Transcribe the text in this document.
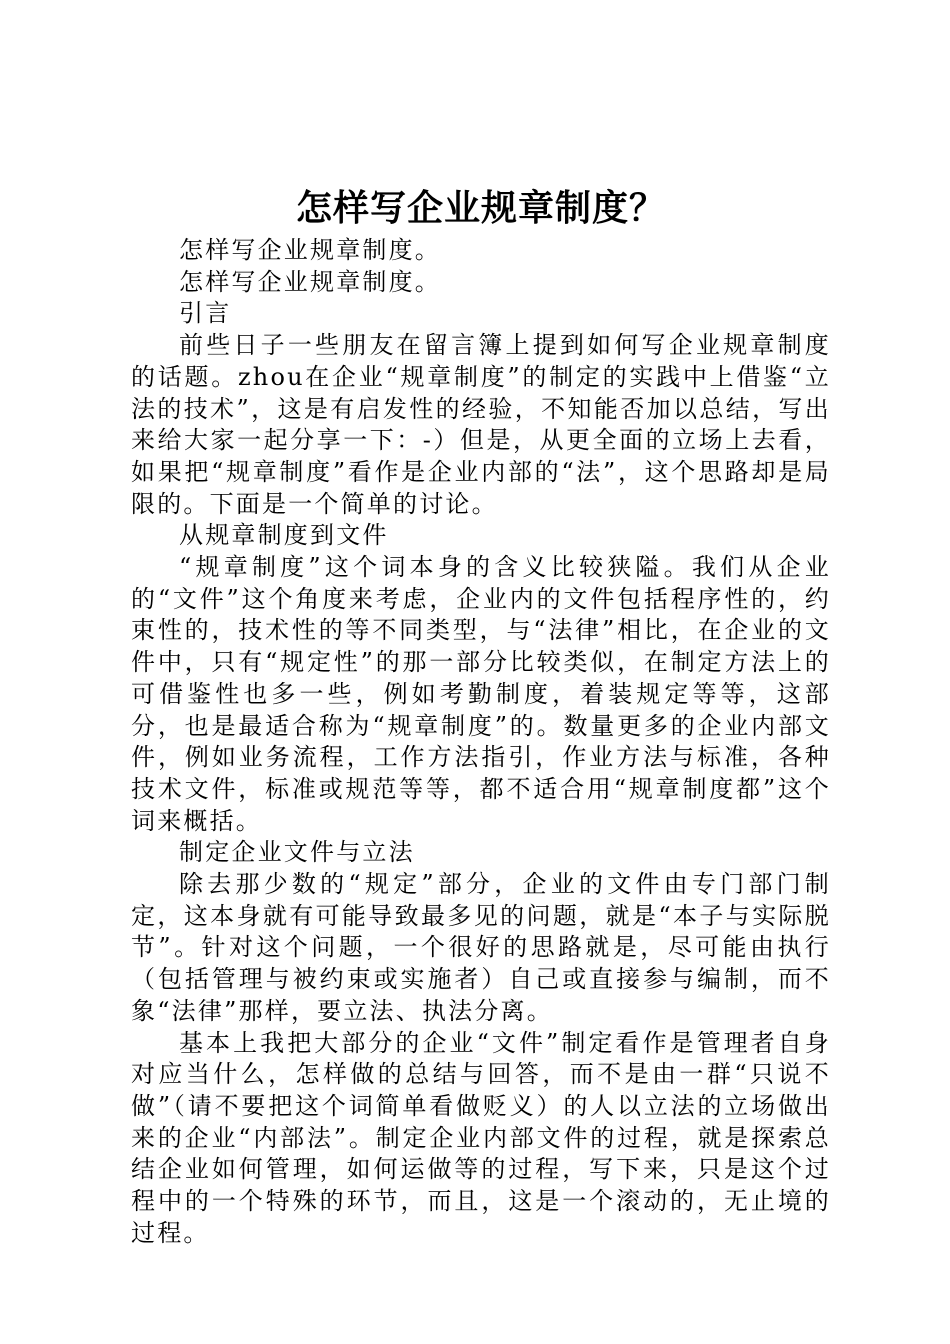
怎样写企业规章制度？

怎样写企业规章制度。

怎样写企业规章制度。

引言

前些日子一些朋友在留言簿上提到如何写企业规章制度的话题。zhou在企业“规章制度”的制定的实践中上借鉴“立法的技术”，这是有启发性的经验，不知能否加以总结，写出来给大家一起分享一下：-）但是，从更全面的立场上去看，如果把“规章制度”看作是企业内部的“法”，这个思路却是局限的。下面是一个简单的讨论。

从规章制度到文件

“规章制度”这个词本身的含义比较狭隘。我们从企业的“文件”这个角度来考虑，企业内的文件包括程序性的，约束性的，技术性的等不同类型，与“法律”相比，在企业的文件中，只有“规定性”的那一部分比较类似，在制定方法上的可借鉴性也多一些，例如考勤制度，着装规定等等，这部分，也是最适合称为“规章制度”的。数量更多的企业内部文件，例如业务流程，工作方法指引，作业方法与标准，各种技术文件，标准或规范等等，都不适合用“规章制度都”这个词来概括。

制定企业文件与立法

除去那少数的“规定”部分，企业的文件由专门部门制定，这本身就有可能导致最多见的问题，就是“本子与实际脱节”。针对这个问题，一个很好的思路就是，尽可能由执行（包括管理与被约束或实施者）自己或直接参与编制，而不象“法律”那样，要立法、执法分离。

基本上我把大部分的企业“文件”制定看作是管理者自身对应当什么，怎样做的总结与回答，而不是由一群“只说不做”（请不要把这个词简单看做贬义）的人以立法的立场做出来的企业“内部法”。制定企业内部文件的过程，就是探索总结企业如何管理，如何运做等的过程，写下来，只是这个过程中的一个特殊的环节，而且，这是一个滚动的，无止境的过程。
